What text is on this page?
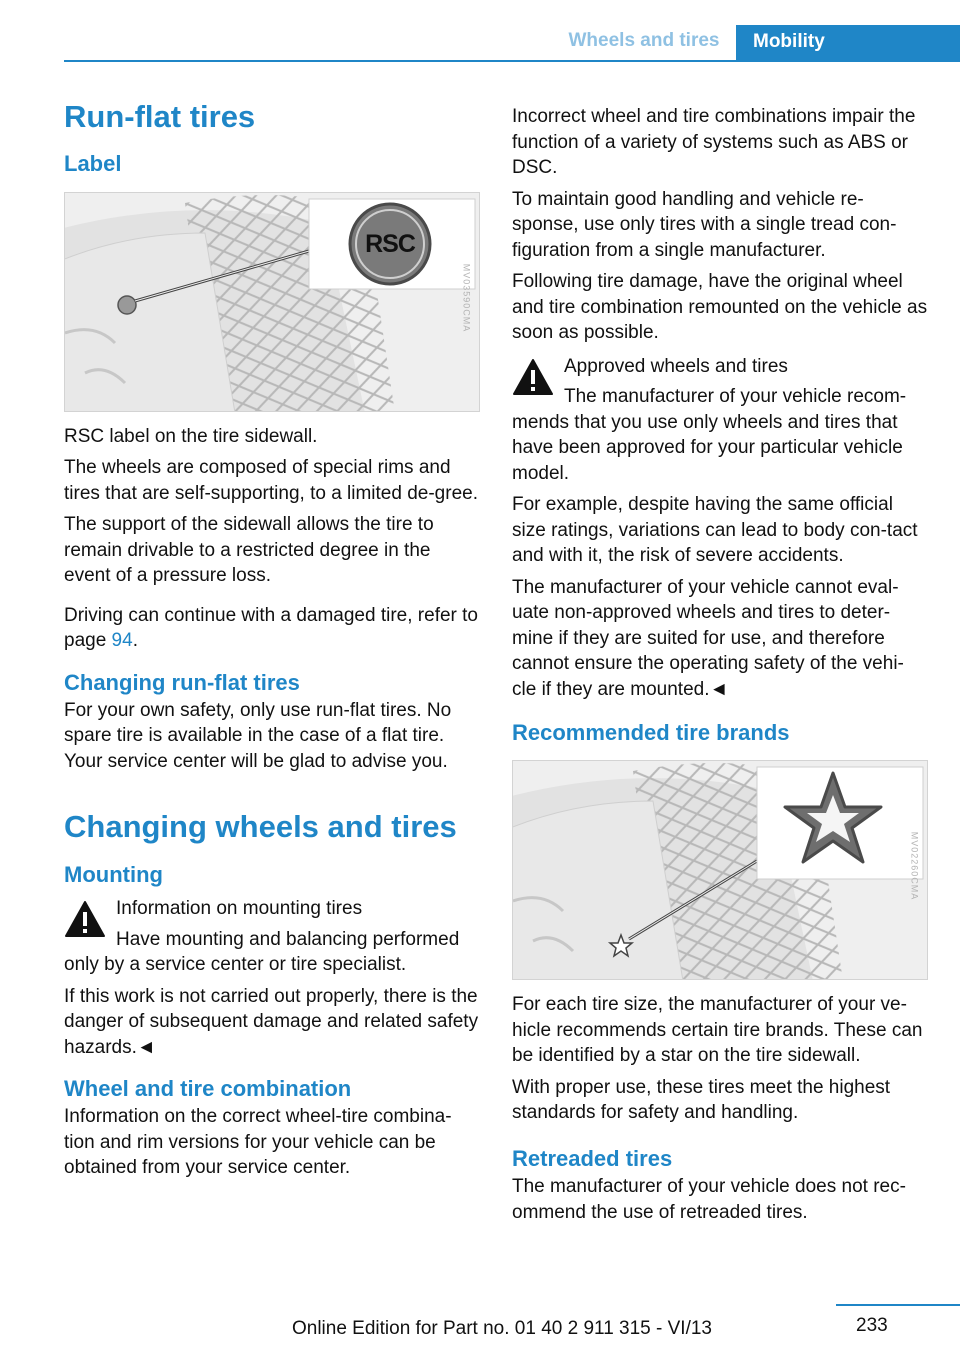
Wheels and tires	Mobility
Run-flat tires
Label
RSC
MV03590CMA
RSC label on the tire sidewall.
The wheels are composed of special rims and tires that are self-supporting, to a limited de-gree.
The support of the sidewall allows the tire to remain drivable to a restricted degree in the event of a pressure loss.
Driving can continue with a damaged tire, refer to page 94.
Changing run-flat tires
For your own safety, only use run-flat tires. No spare tire is available in the case of a flat tire. Your service center will be glad to advise you.
Changing wheels and tires
Mounting
Information on mounting tires
Have mounting and balancing performed only by a service center or tire specialist.
If this work is not carried out properly, there is the danger of subsequent damage and related safety hazards.◄
Wheel and tire combination
Information on the correct wheel-tire combina-tion and rim versions for your vehicle can be obtained from your service center.
Incorrect wheel and tire combinations impair the function of a variety of systems such as ABS or DSC.
To maintain good handling and vehicle re-sponse, use only tires with a single tread con-figuration from a single manufacturer.
Following tire damage, have the original wheel and tire combination remounted on the vehicle as soon as possible.
Approved wheels and tires
The manufacturer of your vehicle recom-mends that you use only wheels and tires that have been approved for your particular vehicle model.
For example, despite having the same official size ratings, variations can lead to body con-tact and with it, the risk of severe accidents.
The manufacturer of your vehicle cannot eval-uate non-approved wheels and tires to deter-mine if they are suited for use, and therefore cannot ensure the operating safety of the vehi-cle if they are mounted.◄
Recommended tire brands
MV02260CMA
For each tire size, the manufacturer of your ve-hicle recommends certain tire brands. These can be identified by a star on the tire sidewall.
With proper use, these tires meet the highest standards for safety and handling.
Retreaded tires
The manufacturer of your vehicle does not rec-ommend the use of retreaded tires.
233
Online Edition for Part no. 01 40 2 911 315 - VI/13
